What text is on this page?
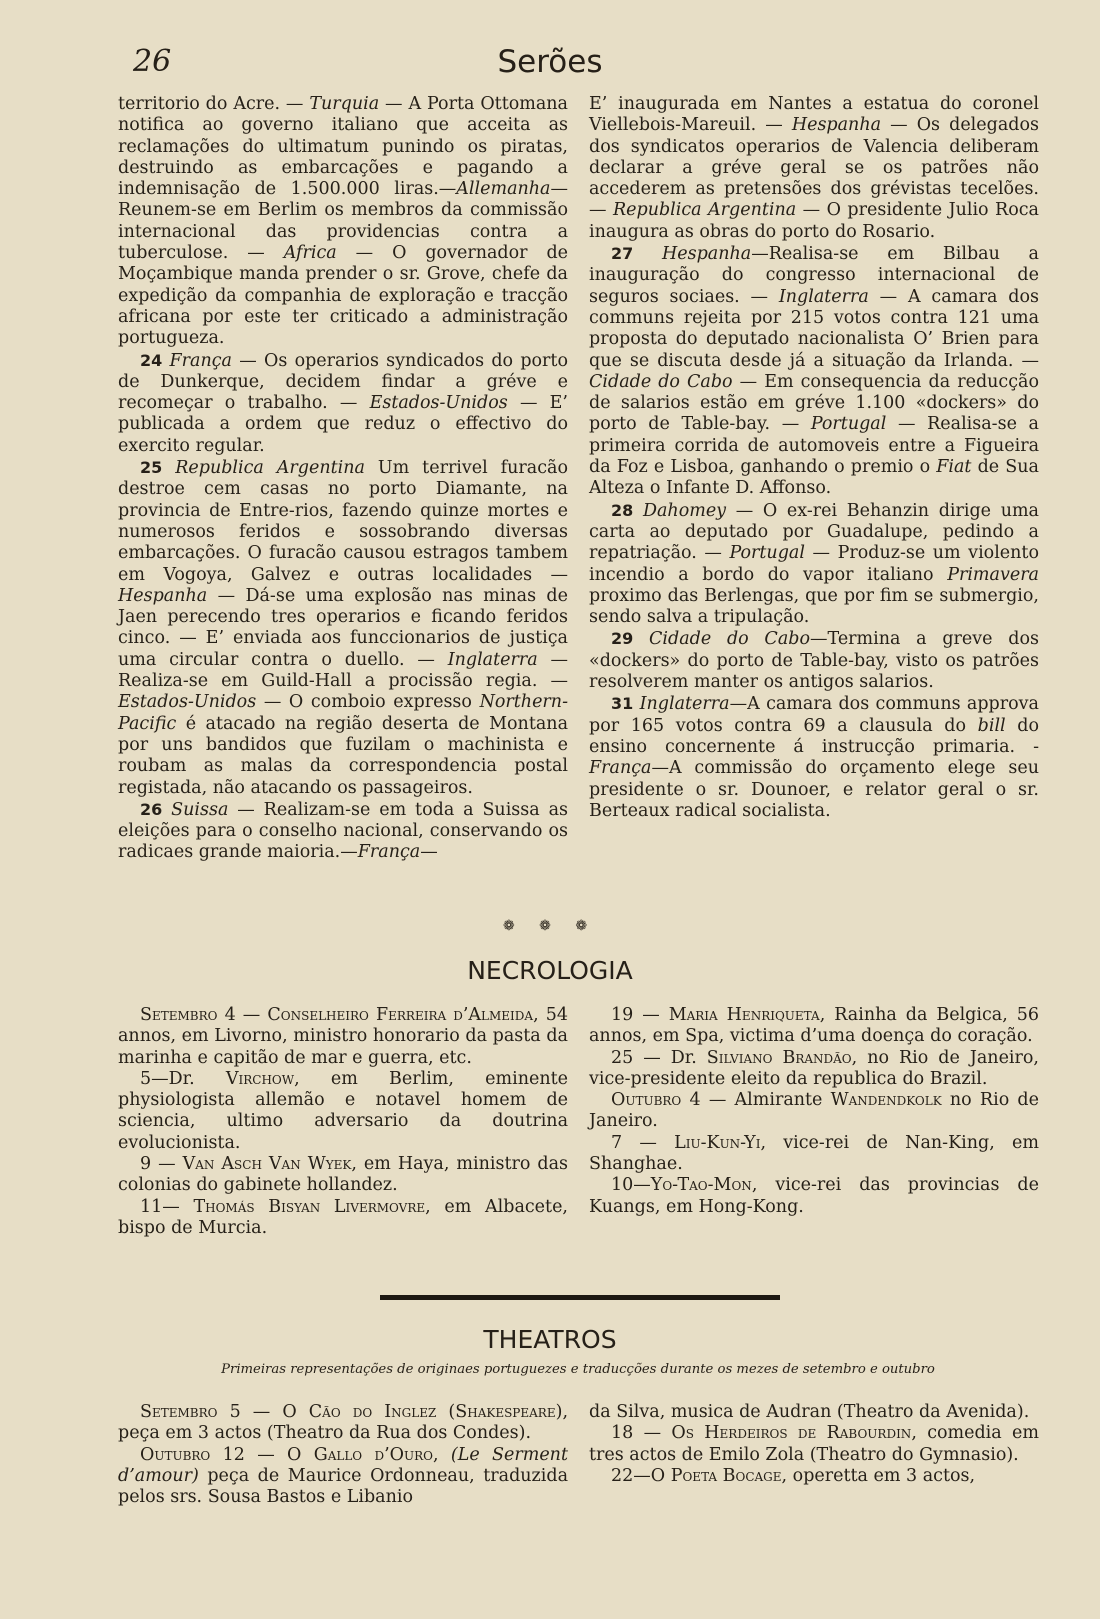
26	Serões

territorio do Acre. — Turquia — A Porta Ottomana notifica ao governo italiano que acceita as reclamações do ultimatum punindo os piratas, destruindo as embarcações e pagando a indemnisação de 1.500.000 liras.—Allemanha—Reunem-se em Berlim os membros da commissão internacional das providencias contra a tuberculose. — Africa — O governador de Moçambique manda prender o sr. Grove, chefe da expedição da companhia de exploração e tracção africana por este ter criticado a administração portugueza.

24 França — Os operarios syndicados do porto de Dunkerque, decidem findar a gréve e recomeçar o trabalho. — Estados-Unidos — E’ publicada a ordem que reduz o effectivo do exercito regular.

25 Republica Argentina Um terrivel furacão destroe cem casas no porto Diamante, na provincia de Entre-rios, fazendo quinze mortes e numerosos feridos e sossobrando diversas embarcações. O furacão causou estragos tambem em Vogoya, Galvez e outras localidades — Hespanha — Dá-se uma explosão nas minas de Jaen perecendo tres operarios e ficando feridos cinco. — E’ enviada aos funccionarios de justiça uma circular contra o duello. — Inglaterra — Realiza-se em Guild-Hall a procissão regia. — Estados-Unidos — O comboio expresso Northern-Pacific é atacado na região deserta de Montana por uns bandidos que fuzilam o machinista e roubam as malas da correspondencia postal registada, não atacando os passageiros.

26 Suissa — Realizam-se em toda a Suissa as eleições para o conselho nacional, conservando os radicaes grande maioria.—França—

E’ inaugurada em Nantes a estatua do coronel Viellebois-Mareuil. — Hespanha — Os delegados dos syndicatos operarios de Valencia deliberam declarar a gréve geral se os patrões não accederem as pretensões dos grévistas tecelões. — Republica Argentina — O presidente Julio Roca inaugura as obras do porto do Rosario.

27 Hespanha—Realisa-se em Bilbau a inauguração do congresso internacional de seguros sociaes. — Inglaterra — A camara dos communs rejeita por 215 votos contra 121 uma proposta do deputado nacionalista O’ Brien para que se discuta desde já a situação da Irlanda. — Cidade do Cabo — Em consequencia da reducção de salarios estão em gréve 1.100 «dockers» do porto de Table-bay. — Portugal — Realisa-se a primeira corrida de automoveis entre a Figueira da Foz e Lisboa, ganhando o premio o Fiat de Sua Alteza o Infante D. Affonso.

28 Dahomey — O ex-rei Behanzin dirige uma carta ao deputado por Guadalupe, pedindo a repatriação. — Portugal — Produz-se um violento incendio a bordo do vapor italiano Primavera proximo das Berlengas, que por fim se submergio, sendo salva a tripulação.

29 Cidade do Cabo—Termina a greve dos «dockers» do porto de Table-bay, visto os patrões resolverem manter os antigos salarios.

31 Inglaterra—A camara dos communs approva por 165 votos contra 69 a clausula do bill do ensino concernente á instrucção primaria. - França—A commissão do orçamento elege seu presidente o sr. Dounoer, e relator geral o sr. Berteaux radical socialista.

❁ ❁ ❁
NECROLOGIA

Setembro 4 — Conselheiro Ferreira d’Almeida, 54 annos, em Livorno, ministro honorario da pasta da marinha e capitão de mar e guerra, etc.

5—Dr. Virchow, em Berlim, eminente physiologista allemão e notavel homem de sciencia, ultimo adversario da doutrina evolucionista.

9 — Van Asch Van Wyek, em Haya, ministro das colonias do gabinete hollandez.

11— Thomás Bisyan Livermovre, em Albacete, bispo de Murcia.

19 — Maria Henriqueta, Rainha da Belgica, 56 annos, em Spa, victima d’uma doença do coração.

25 — Dr. Silviano Brandão, no Rio de Janeiro, vice-presidente eleito da republica do Brazil.

Outubro 4 — Almirante Wandendkolk no Rio de Janeiro.

7 — Liu-Kun-Yi, vice-rei de Nan-King, em Shanghae.

10—Yo-Tao-Mon, vice-rei das provincias de Kuangs, em Hong-Kong.

THEATROS
Primeiras representações de originaes portuguezes e traducções durante os mezes de setembro e outubro

Setembro 5 — O Cão do Inglez (Shakespeare), peça em 3 actos (Theatro da Rua dos Condes).

Outubro 12 — O Gallo d’Ouro, (Le Serment d’amour) peça de Maurice Ordonneau, traduzida pelos srs. Sousa Bastos e Libanio

da Silva, musica de Audran (Theatro da Avenida).

18 — Os Herdeiros de Rabourdin, comedia em tres actos de Emilo Zola (Theatro do Gymnasio).

22—O Poeta Bocage, operetta em 3 actos,
